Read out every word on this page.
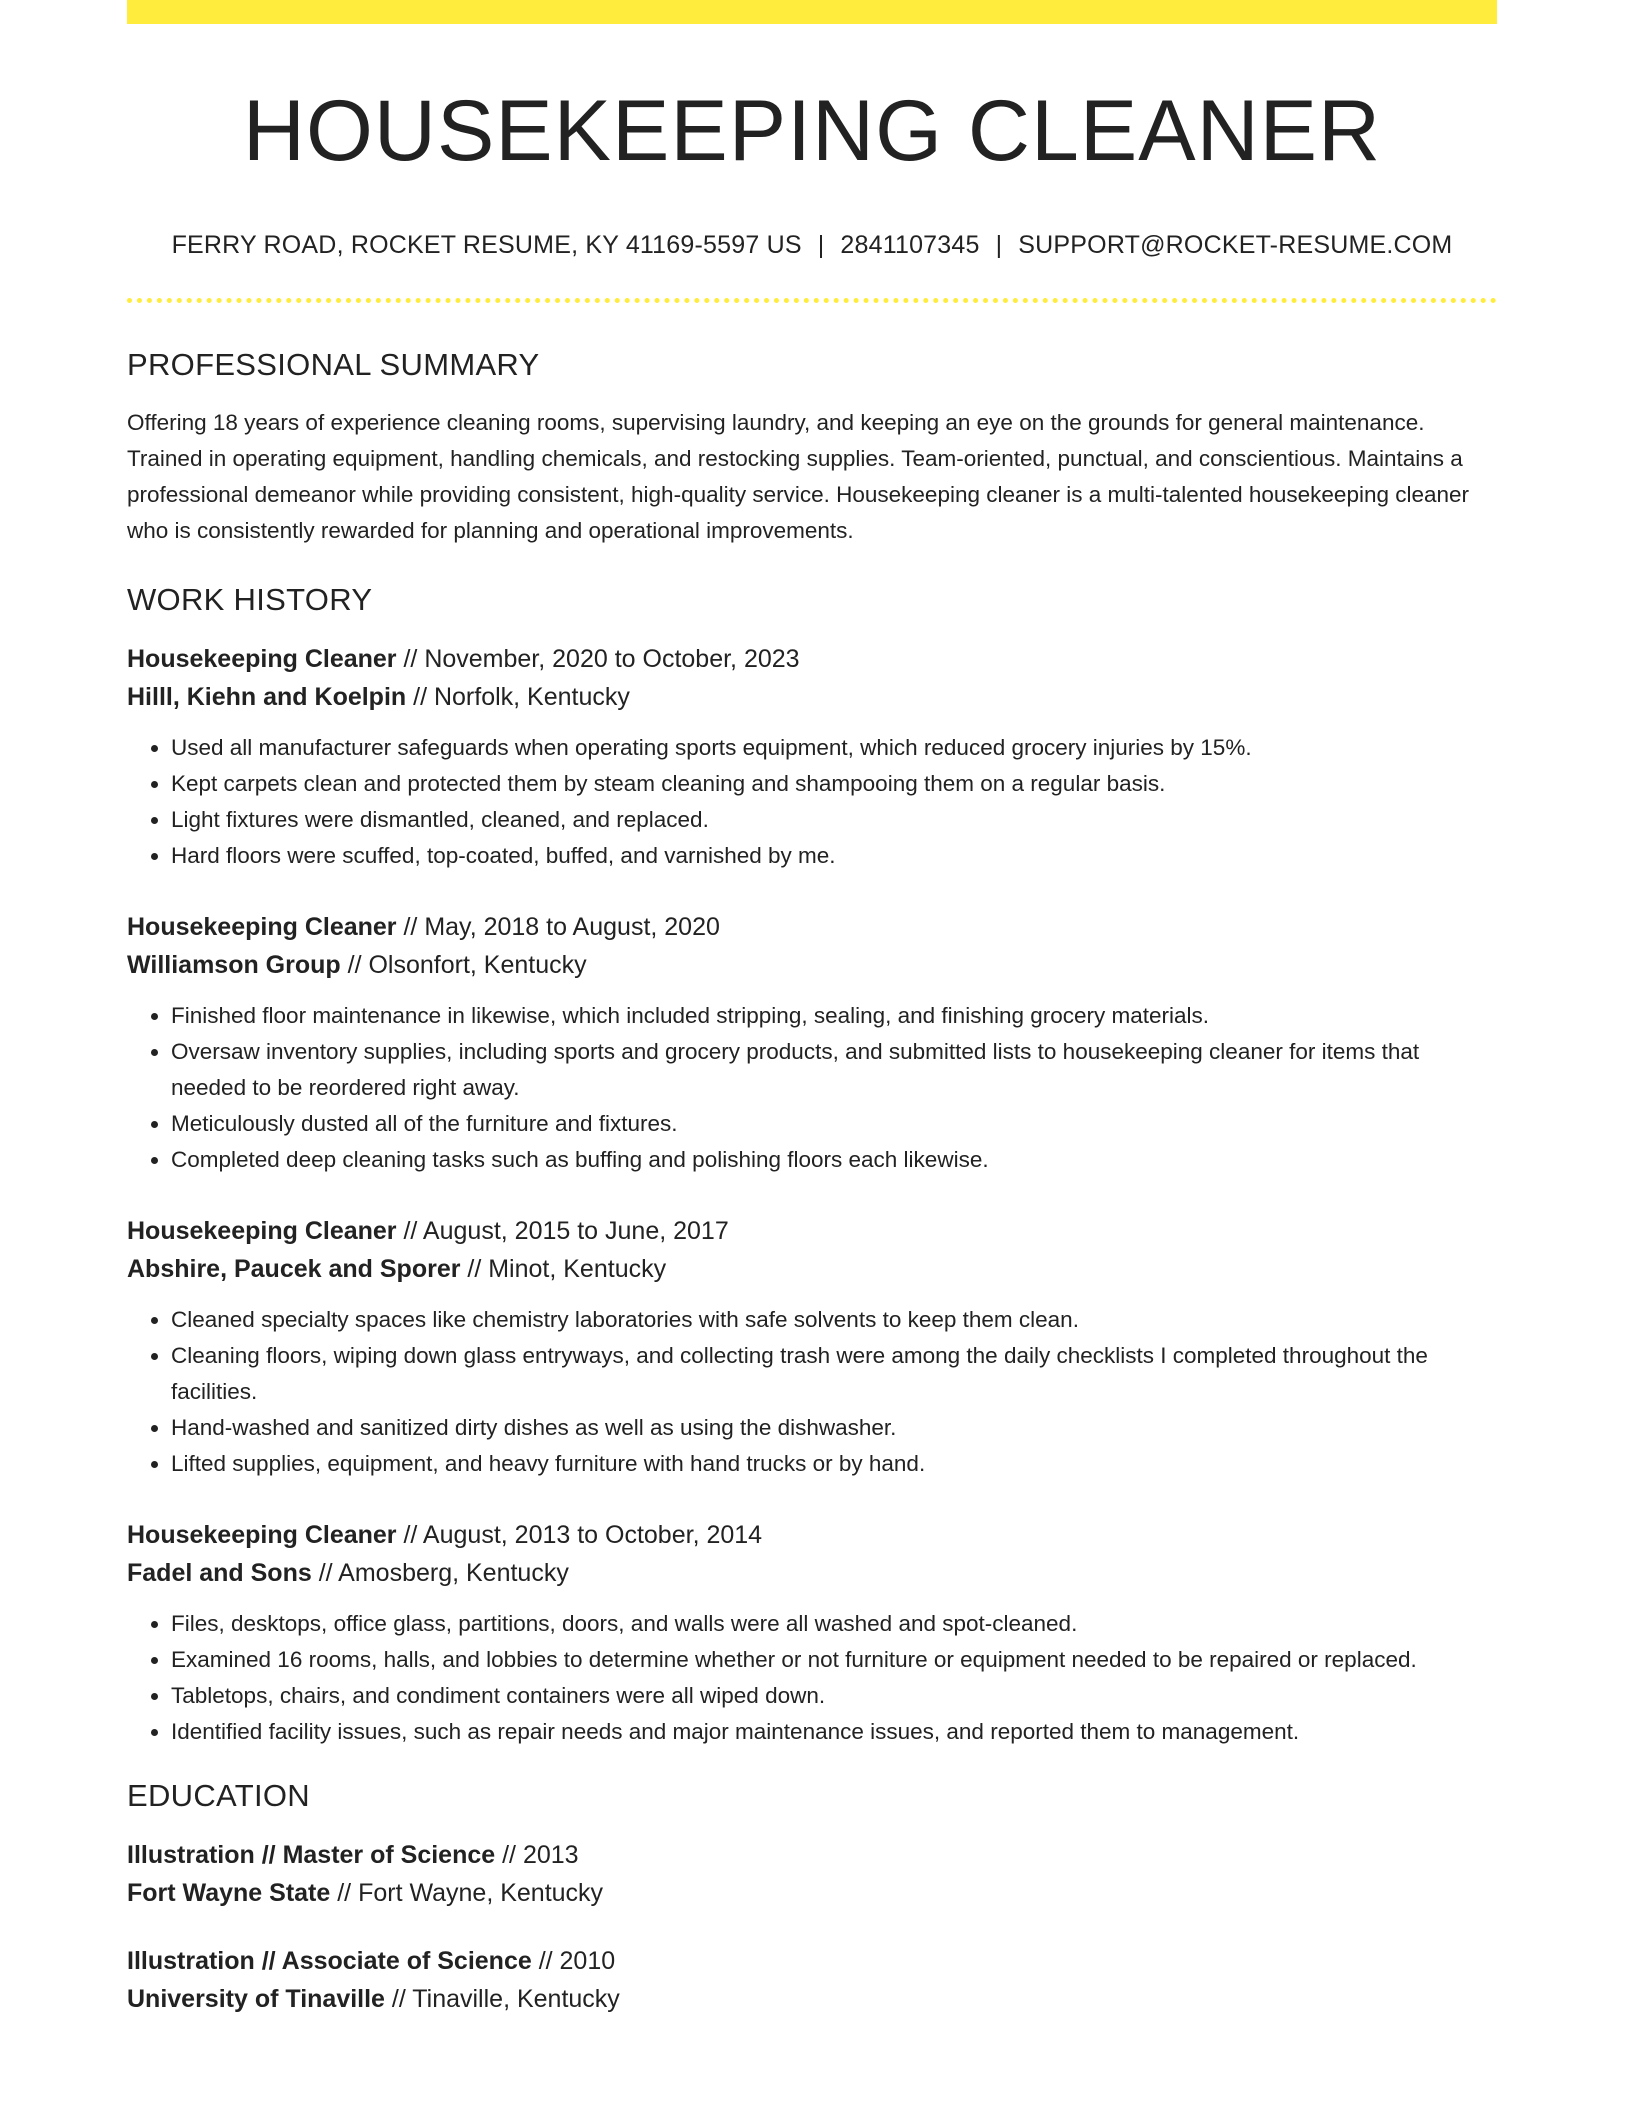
HOUSEKEEPING CLEANER
FERRY ROAD, ROCKET RESUME, KY 41169-5597 US | 2841107345 | SUPPORT@ROCKET-RESUME.COM
PROFESSIONAL SUMMARY

Offering 18 years of experience cleaning rooms, supervising laundry, and keeping an eye on the grounds for general maintenance. Trained in operating equipment, handling chemicals, and restocking supplies. Team-oriented, punctual, and conscientious. Maintains a professional demeanor while providing consistent, high-quality service. Housekeeping cleaner is a multi-talented housekeeping cleaner who is consistently rewarded for planning and operational improvements.

WORK HISTORY
Housekeeping Cleaner // November, 2020 to October, 2023
Hilll, Kiehn and Koelpin // Norfolk, Kentucky
• Used all manufacturer safeguards when operating sports equipment, which reduced grocery injuries by 15%.
• Kept carpets clean and protected them by steam cleaning and shampooing them on a regular basis.
• Light fixtures were dismantled, cleaned, and replaced.
• Hard floors were scuffed, top-coated, buffed, and varnished by me.
Housekeeping Cleaner // May, 2018 to August, 2020
Williamson Group // Olsonfort, Kentucky
• Finished floor maintenance in likewise, which included stripping, sealing, and finishing grocery materials.
• Oversaw inventory supplies, including sports and grocery products, and submitted lists to housekeeping cleaner for items that needed to be reordered right away.
• Meticulously dusted all of the furniture and fixtures.
• Completed deep cleaning tasks such as buffing and polishing floors each likewise.
Housekeeping Cleaner // August, 2015 to June, 2017
Abshire, Paucek and Sporer // Minot, Kentucky
• Cleaned specialty spaces like chemistry laboratories with safe solvents to keep them clean.
• Cleaning floors, wiping down glass entryways, and collecting trash were among the daily checklists I completed throughout the facilities.
• Hand-washed and sanitized dirty dishes as well as using the dishwasher.
• Lifted supplies, equipment, and heavy furniture with hand trucks or by hand.
Housekeeping Cleaner // August, 2013 to October, 2014
Fadel and Sons // Amosberg, Kentucky
• Files, desktops, office glass, partitions, doors, and walls were all washed and spot-cleaned.
• Examined 16 rooms, halls, and lobbies to determine whether or not furniture or equipment needed to be repaired or replaced.
• Tabletops, chairs, and condiment containers were all wiped down.
• Identified facility issues, such as repair needs and major maintenance issues, and reported them to management.
EDUCATION
Illustration // Master of Science // 2013
Fort Wayne State // Fort Wayne, Kentucky
Illustration // Associate of Science // 2010
University of Tinaville // Tinaville, Kentucky
